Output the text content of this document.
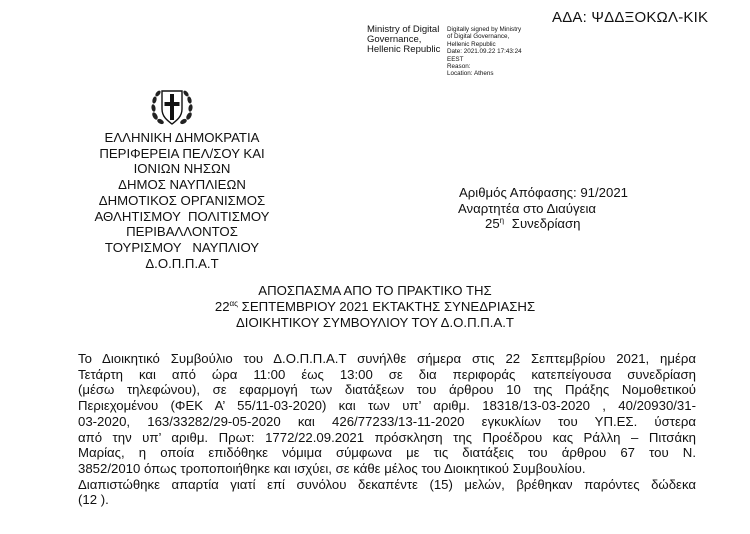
ΑΔΑ: ΨΔΔΞΟΚΩΛ-ΚΙΚ
Ministry of Digital
Governance,
Hellenic Republic
Digitally signed by Ministry
of Digital Governance,
Hellenic Republic
Date: 2021.09.22 17:43:24
EEST
Reason:
Location: Athens
ΕΛΛΗΝΙΚΗ ΔΗΜΟΚΡΑΤΙΑ
ΠΕΡΙΦΕΡΕΙΑ ΠΕΛ/ΣΟΥ ΚΑΙ
ΙΟΝΙΩΝ ΝΗΣΩΝ
ΔΗΜΟΣ ΝΑΥΠΛΙΕΩΝ
ΔΗΜΟΤΙΚΟΣ ΟΡΓΑΝΙΣΜΟΣ
ΑΘΛΗΤΙΣΜΟΥ  ΠΟΛΙΤΙΣΜΟΥ
ΠΕΡΙΒΑΛΛΟΝΤΟΣ
ΤΟΥΡΙΣΜΟΥ   ΝΑΥΠΛΙΟΥ
Δ.Ο.Π.Π.Α.Τ
Αριθμός Απόφασης: 91/2021
Αναρτητέα στο Διαύγεια
$25^\eta$ Συνεδρίαση
ΑΠΟΣΠΑΣΜΑ ΑΠΟ ΤΟ ΠΡΑΚΤΙΚΟ ΤΗΣ
$22^{\alpha\varsigma}$ ΣΕΠΤΕΜΒΡΙΟΥ 2021 ΕΚΤΑΚΤΗΣ ΣΥΝΕΔΡΙΑΣΗΣ
ΔΙΟΙΚΗΤΙΚΟΥ ΣΥΜΒΟΥΛΙΟΥ ΤΟΥ Δ.Ο.Π.Π.Α.Τ
Το Διοικητικό Συμβούλιο του Δ.Ο.Π.Π.Α.Τ συνήλθε σήμερα στις 22 Σεπτεμβρίου 2021, ημέρα
Τετάρτη και από ώρα 11:00 έως 13:00 σε δια περιφοράς κατεπείγουσα συνεδρίαση
(μέσω τηλεφώνου), σε εφαρμογή των διατάξεων του άρθρου 10 της Πράξης Νομοθετικού
Περιεχομένου (ΦΕΚ Α’ 55/11-03-2020) και των υπ’ αριθμ. 18318/13-03-2020 , 40/20930/31-
03-2020, 163/33282/29-05-2020 και 426/77233/13-11-2020 εγκυκλίων του ΥΠ.ΕΣ. ύστερα
από την υπ’ αριθμ. Πρωτ: 1772/22.09.2021 πρόσκληση της Προέδρου κας Ράλλη – Πιτσάκη
Μαρίας, η οποία επιδόθηκε νόμιμα σύμφωνα με τις διατάξεις του άρθρου 67 του Ν.
3852/2010 όπως τροποποιήθηκε και ισχύει, σε κάθε μέλος του Διοικητικού Συμβουλίου.
Διαπιστώθηκε απαρτία γιατί επί συνόλου δεκαπέντε (15) μελών, βρέθηκαν παρόντες δώδεκα
(12 ).
